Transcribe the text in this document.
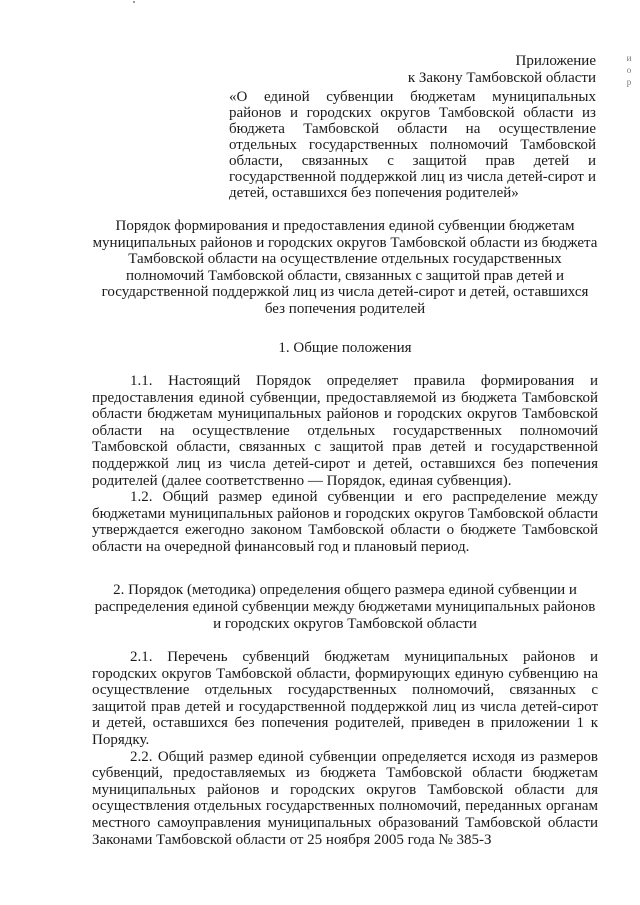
Приложение
к Закону Тамбовской области
«О единой субвенции бюджетам муниципальных районов и городских округов Тамбовской области из бюджета Тамбовской области на осуществление отдельных государственных полномочий Тамбовской области, связанных с защитой прав детей и государственной поддержкой лиц из числа детей-сирот и детей, оставшихся без попечения родителей»
Порядок формирования и предоставления единой субвенции бюджетам муниципальных районов и городских округов Тамбовской области из бюджета Тамбовской области на осуществление отдельных государственных полномочий Тамбовской области, связанных с защитой прав детей и государственной поддержкой лиц из числа детей-сирот и детей, оставшихся без попечения родителей
1. Общие положения

1.1. Настоящий Порядок определяет правила формирования и предоставления единой субвенции, предоставляемой из бюджета Тамбовской области бюджетам муниципальных районов и городских округов Тамбовской области на осуществление отдельных государственных полномочий Тамбовской области, связанных с защитой прав детей и государственной поддержкой лиц из числа детей-сирот и детей, оставшихся без попечения родителей (далее соответственно — Порядок, единая субвенция).

1.2. Общий размер единой субвенции и его распределение между бюджетами муниципальных районов и городских округов Тамбовской области утверждается ежегодно законом Тамбовской области о бюджете Тамбовской области на очередной финансовый год и плановый период.

2. Порядок (методика) определения общего размера единой субвенции и распределения единой субвенции между бюджетами муниципальных районов и городских округов Тамбовской области

2.1. Перечень субвенций бюджетам муниципальных районов и городских округов Тамбовской области, формирующих единую субвенцию на осуществление отдельных государственных полномочий, связанных с защитой прав детей и государственной поддержкой лиц из числа детей-сирот и детей, оставшихся без попечения родителей, приведен в приложении 1 к Порядку.

2.2. Общий размер единой субвенции определяется исходя из размеров субвенций, предоставляемых из бюджета Тамбовской области бюджетам муниципальных районов и городских округов Тамбовской области для осуществления отдельных государственных полномочий, переданных органам местного самоуправления муниципальных образований Тамбовской области Законами Тамбовской области от 25 ноября 2005 года № 385-З

и
о
р
